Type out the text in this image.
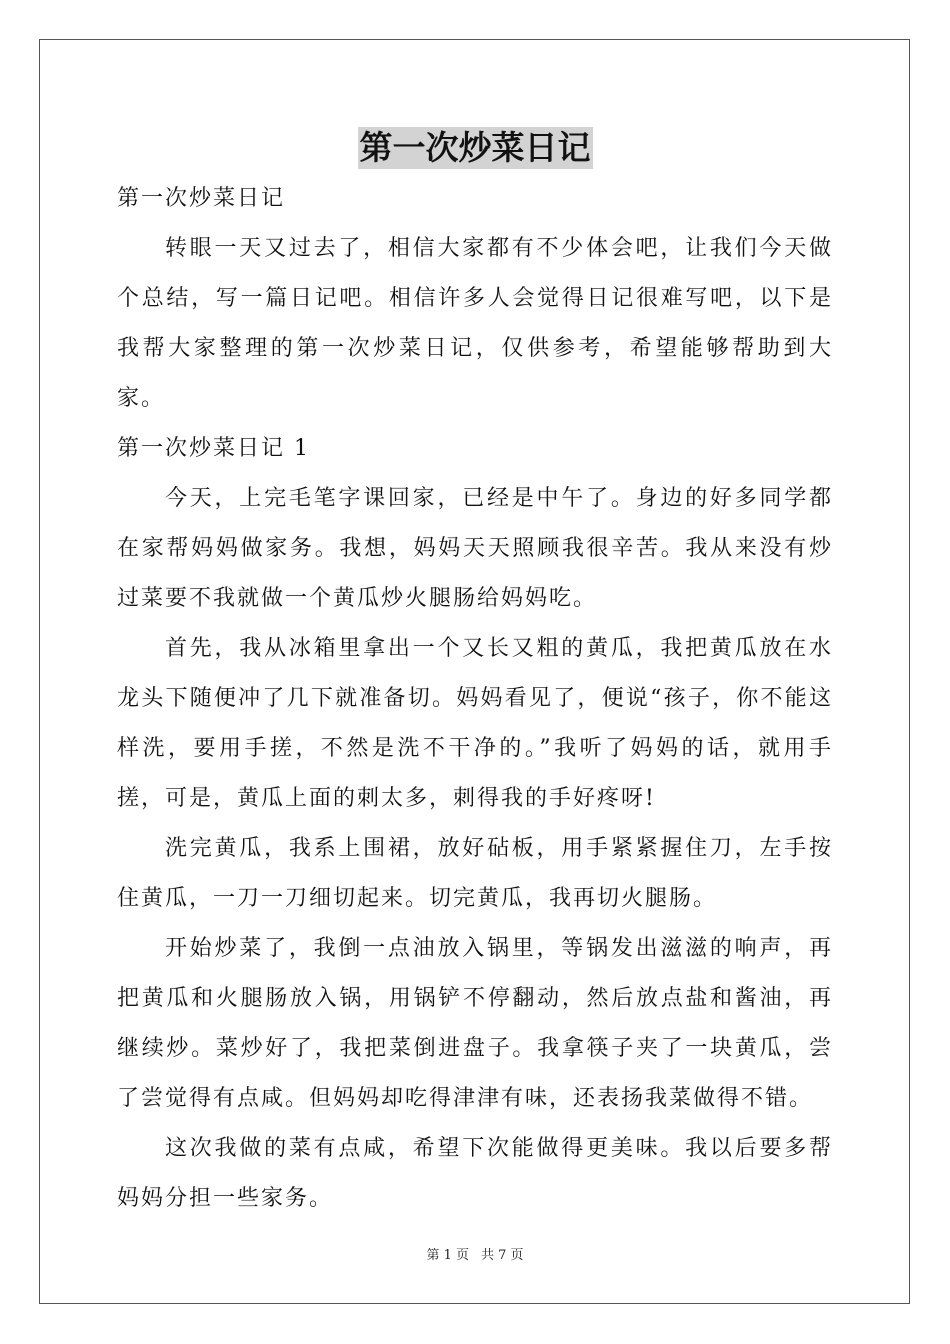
第一次炒菜日记

第一次炒菜日记

转眼一天又过去了，相信大家都有不少体会吧，让我们今天做个总结，写一篇日记吧。相信许多人会觉得日记很难写吧，以下是我帮大家整理的第一次炒菜日记，仅供参考，希望能够帮助到大家。

第一次炒菜日记 1

今天，上完毛笔字课回家，已经是中午了。身边的好多同学都在家帮妈妈做家务。我想，妈妈天天照顾我很辛苦。我从来没有炒过菜要不我就做一个黄瓜炒火腿肠给妈妈吃。

首先，我从冰箱里拿出一个又长又粗的黄瓜，我把黄瓜放在水龙头下随便冲了几下就准备切。妈妈看见了，便说“孩子，你不能这样洗，要用手搓，不然是洗不干净的。”我听了妈妈的话，就用手搓，可是，黄瓜上面的刺太多，刺得我的手好疼呀!

洗完黄瓜，我系上围裙，放好砧板，用手紧紧握住刀，左手按住黄瓜，一刀一刀细切起来。切完黄瓜，我再切火腿肠。

开始炒菜了，我倒一点油放入锅里，等锅发出滋滋的响声，再把黄瓜和火腿肠放入锅，用锅铲不停翻动，然后放点盐和酱油，再继续炒。菜炒好了，我把菜倒进盘子。我拿筷子夹了一块黄瓜，尝了尝觉得有点咸。但妈妈却吃得津津有味，还表扬我菜做得不错。

这次我做的菜有点咸，希望下次能做得更美味。我以后要多帮妈妈分担一些家务。

第 1 页 共 7 页
